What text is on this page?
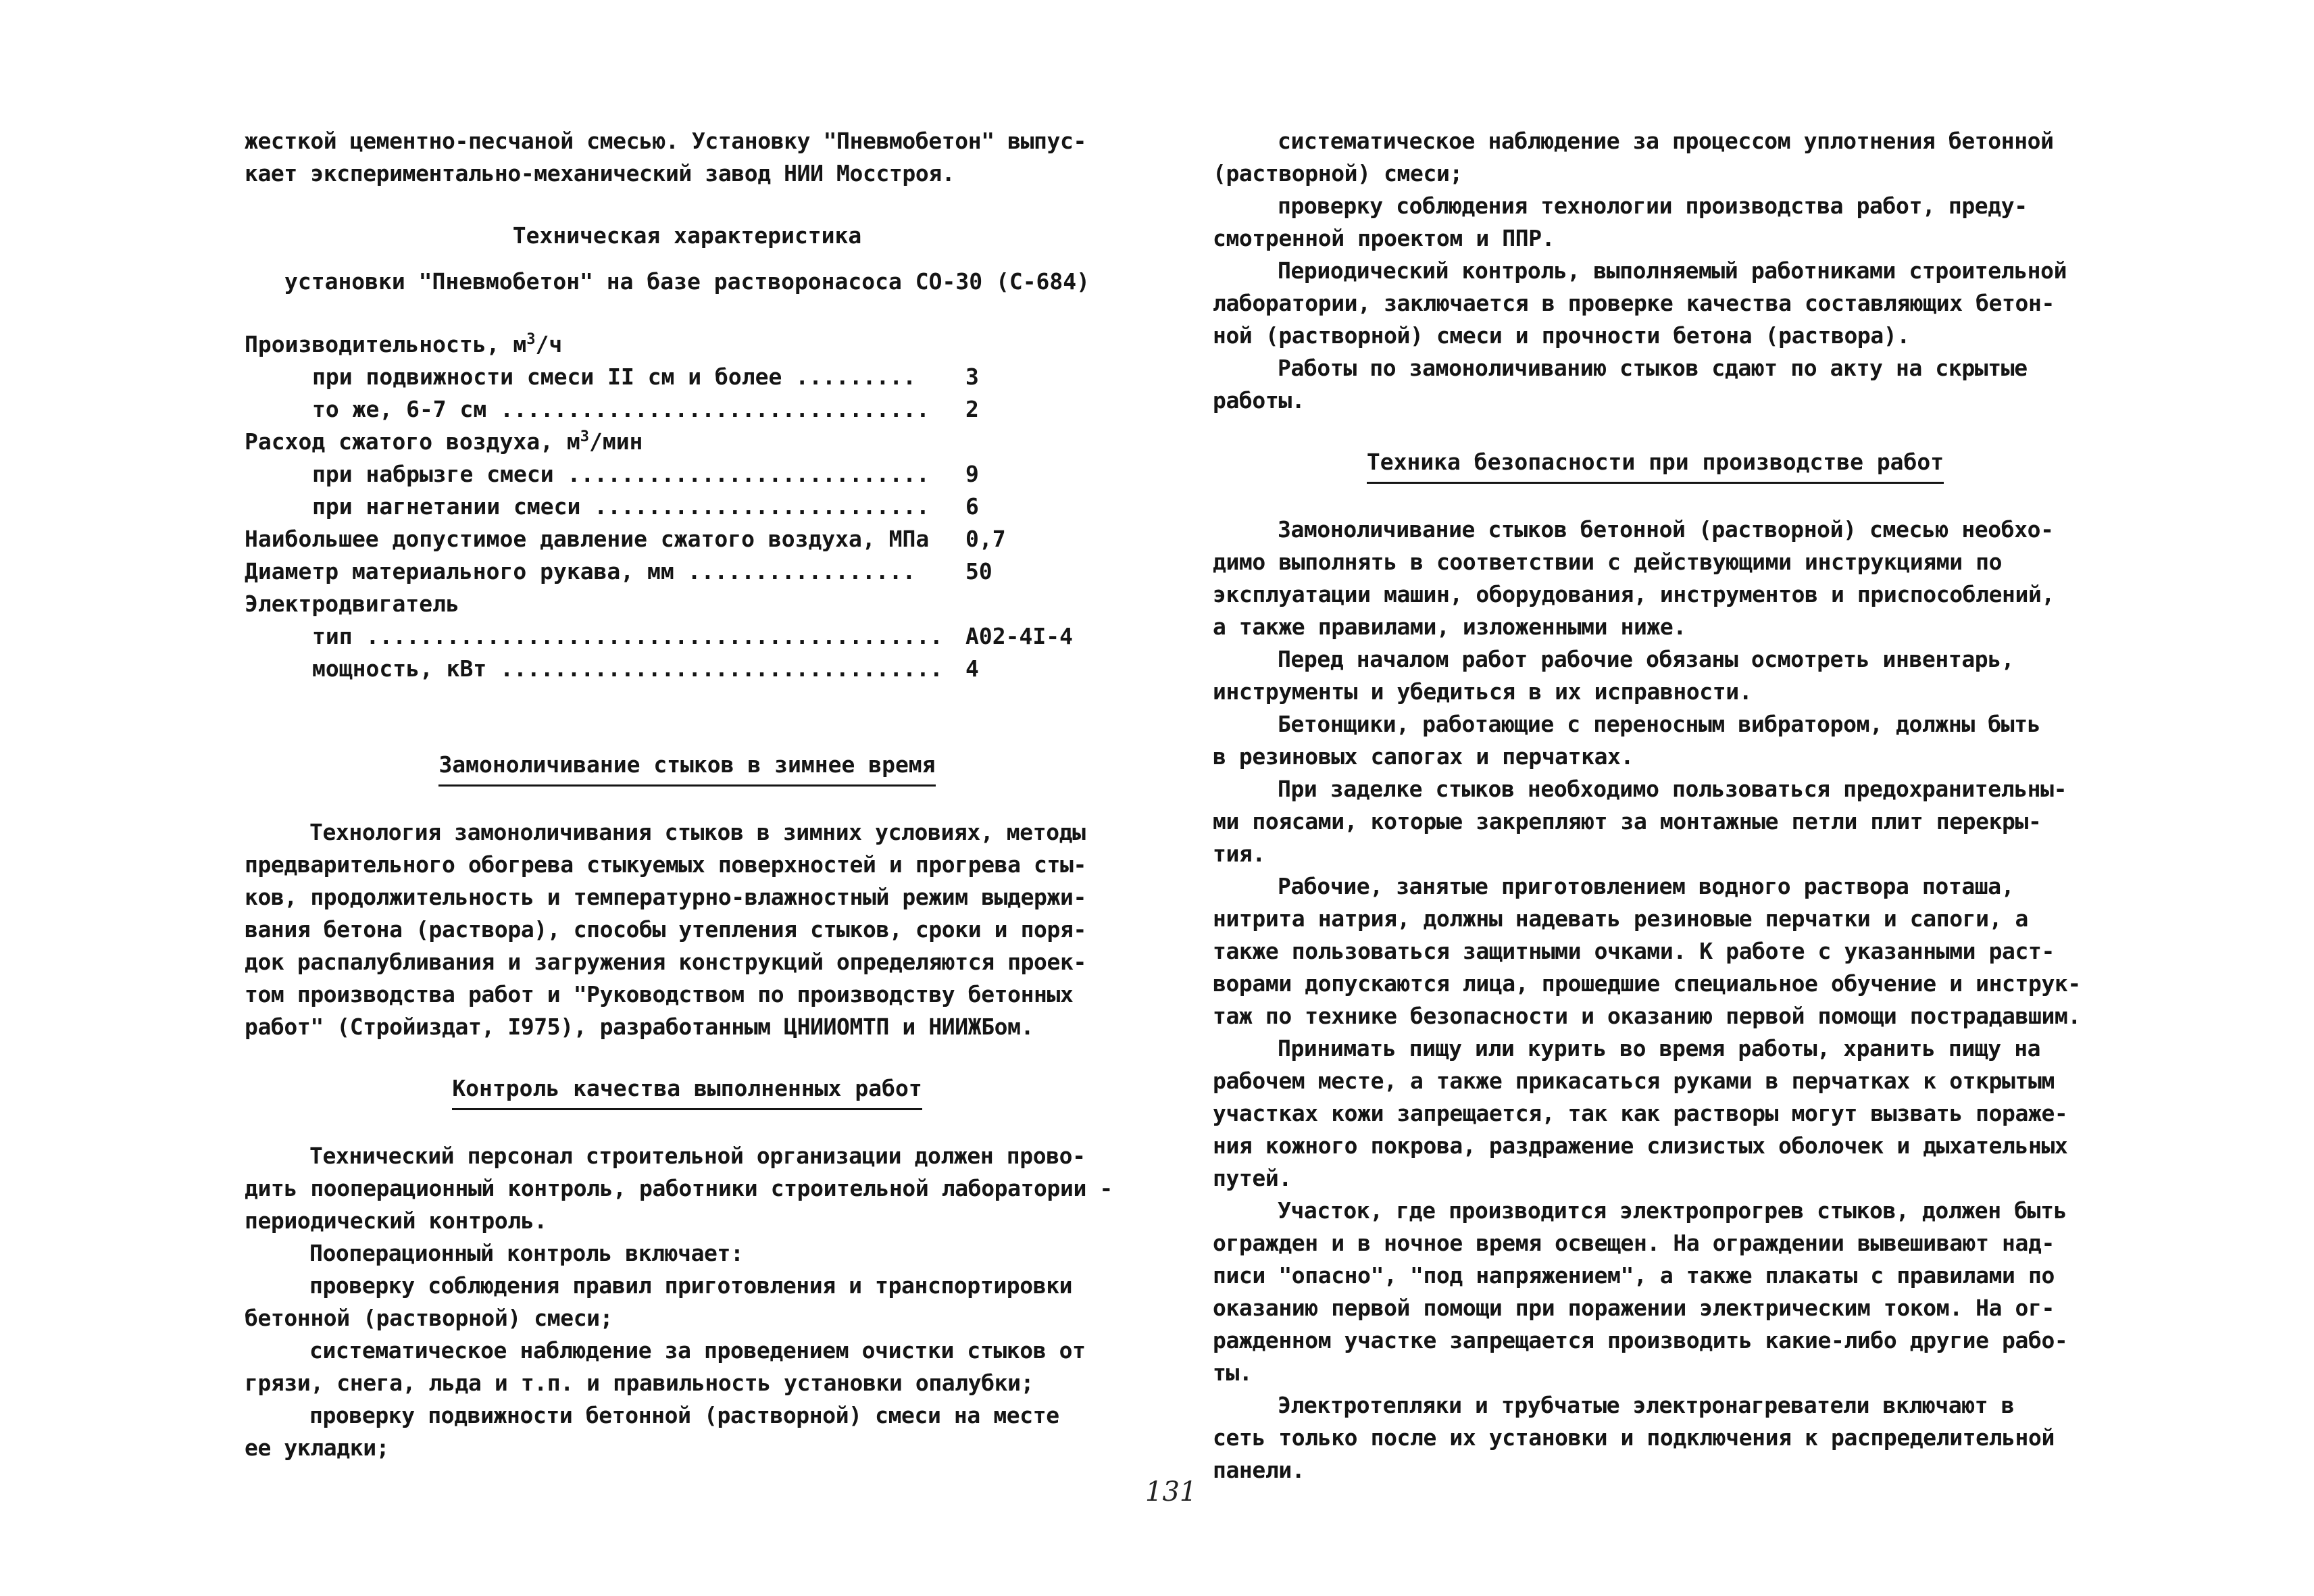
жесткой цементно-песчаной смесью. Установку "Пневмобетон" выпус-

кает экспериментально-механический завод НИИ Мосстроя.

Техническая характеристика
установки "Пневмобетон" на базе растворонасоса СО-30 (С-684)
Производительность, $м^3/ч$
при подвижности смеси II см и более .........	3
то же, 6-7 см ................................	2
Расход сжатого воздуха, $м^3$/мин
при набрызге смеси ...........................	9
при нагнетании смеси .........................	6
Наибольшее допустимое давление сжатого воздуха, МПа	0,7
Диаметр материального рукава, мм .................	50
Электродвигатель
тип ...........................................	А02-4I-4
мощность, кВт .................................	4
Замоноличивание стыков в зимнее время

Технология замоноличивания стыков в зимних условиях, методы

предварительного обогрева стыкуемых поверхностей и прогрева сты-

ков, продолжительность и температурно-влажностный режим выдержи-

вания бетона (раствора), способы утепления стыков, сроки и поря-

док распалубливания и загружения конструкций определяются проек-

том производства работ и "Руководством по производству бетонных

работ" (Стройиздат, I975), разработанным ЦНИИОМТП и НИИЖБом.

Контроль качества выполненных работ

Технический персонал строительной организации должен прово-

дить пооперационный контроль, работники строительной лаборатории -

периодический контроль.

Пооперационный контроль включает:

проверку соблюдения правил приготовления и транспортировки

бетонной (растворной) смеси;

систематическое наблюдение за проведением очистки стыков от

грязи, снега, льда и т.п. и правильность установки опалубки;

проверку подвижности бетонной (растворной) смеси на месте

ее укладки;

систематическое наблюдение за процессом уплотнения бетонной

(растворной) смеси;

проверку соблюдения технологии производства работ, преду-

смотренной проектом и ППР.

Периодический контроль, выполняемый работниками строительной

лаборатории, заключается в проверке качества составляющих бетон-

ной (растворной) смеси и прочности бетона (раствора).

Работы по замоноличиванию стыков сдают по акту на скрытые

работы.

Техника безопасности при производстве работ

Замоноличивание стыков бетонной (растворной) смесью необхо-

димо выполнять в соответствии с действующими инструкциями по

эксплуатации машин, оборудования, инструментов и приспособлений,

а также правилами, изложенными ниже.

Перед началом работ рабочие обязаны осмотреть инвентарь,

инструменты и убедиться в их исправности.

Бетонщики, работающие с переносным вибратором, должны быть

в резиновых сапогах и перчатках.

При заделке стыков необходимо пользоваться предохранительны-

ми поясами, которые закрепляют за монтажные петли плит перекры-

тия.

Рабочие, занятые приготовлением водного раствора поташа,

нитрита натрия, должны надевать резиновые перчатки и сапоги, а

также пользоваться защитными очками. К работе с указанными раст-

ворами допускаются лица, прошедшие специальное обучение и инструк-

таж по технике безопасности и оказанию первой помощи пострадавшим.

Принимать пищу или курить во время работы, хранить пищу на

рабочем месте, а также прикасаться руками в перчатках к открытым

участках кожи запрещается, так как растворы могут вызвать пораже-

ния кожного покрова, раздражение слизистых оболочек и дыхательных

путей.

Участок, где производится электропрогрев стыков, должен быть

огражден и в ночное время освещен. На ограждении вывешивают над-

писи "опасно", "под напряжением", а также плакаты с правилами по

оказанию первой помощи при поражении электрическим током. На ог-

ражденном участке запрещается производить какие-либо другие рабо-

ты.

Электротепляки и трубчатые электронагреватели включают в

сеть только после их установки и подключения к распределительной

панели.

131
